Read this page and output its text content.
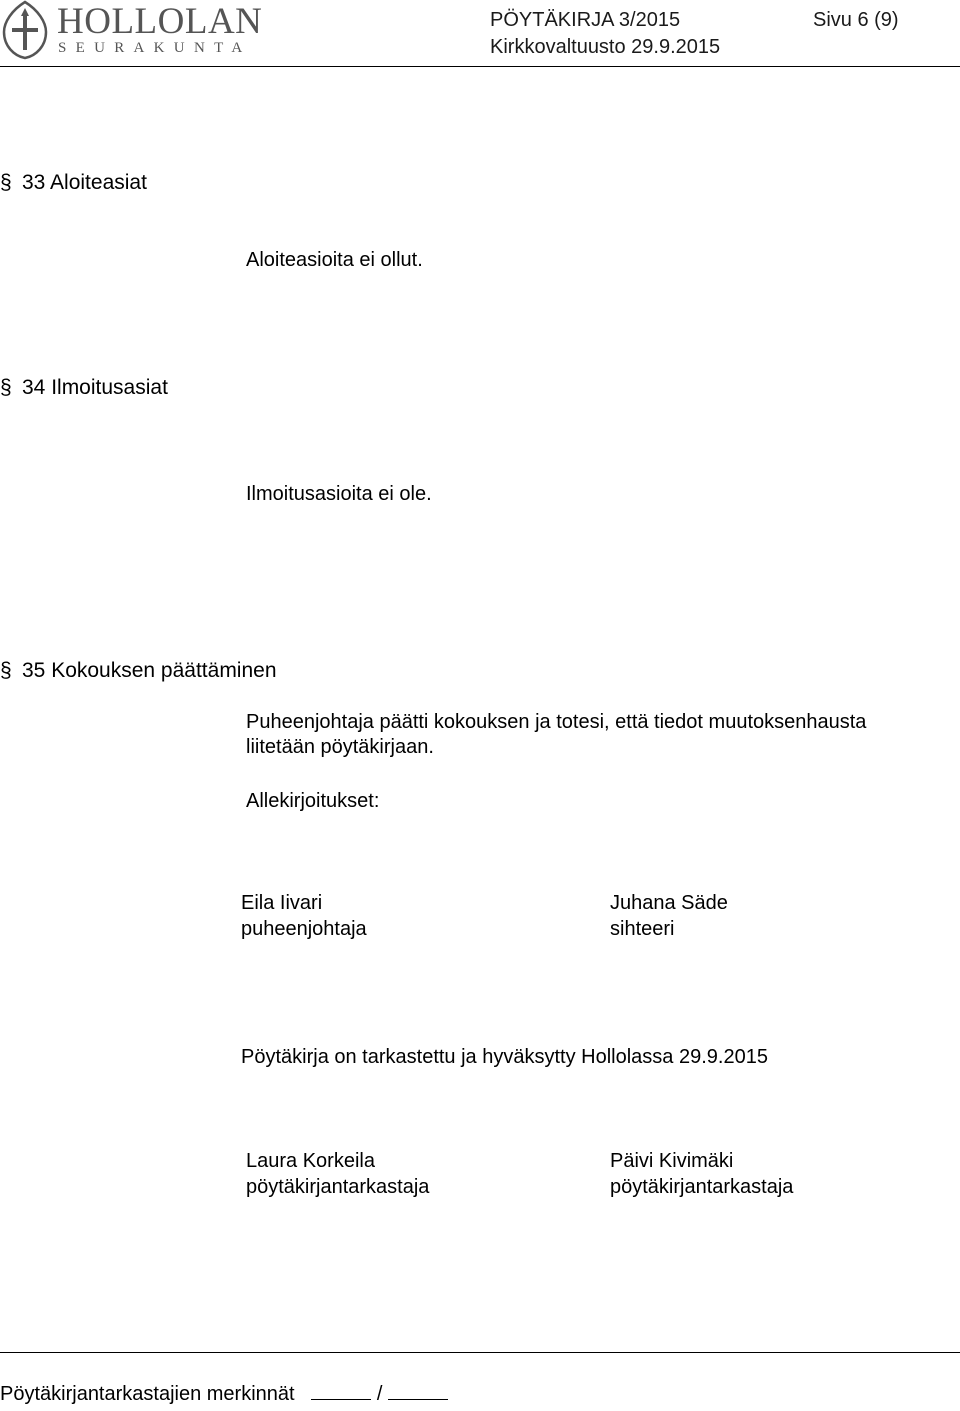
HOLLOLAN
SEURAKUNTA
PÖYTÄKIRJA 3/2015	Sivu 6 (9)
Kirkkovaltuusto 29.9.2015
§ 33 Aloiteasiat
Aloiteasioita ei ollut.
§ 34 Ilmoitusasiat
Ilmoitusasioita ei ole.
§ 35 Kokouksen päättäminen
Puheenjohtaja päätti kokouksen ja totesi, että tiedot muutoksenhausta
liitetään pöytäkirjaan.
Allekirjoitukset:
Eila Iivari
puheenjohtaja
Juhana Säde
sihteeri
Pöytäkirja on tarkastettu ja hyväksytty Hollolassa 29.9.2015
Laura Korkeila
pöytäkirjantarkastaja
Päivi Kivimäki
pöytäkirjantarkastaja
Pöytäkirjantarkastajien merkinnät	/
